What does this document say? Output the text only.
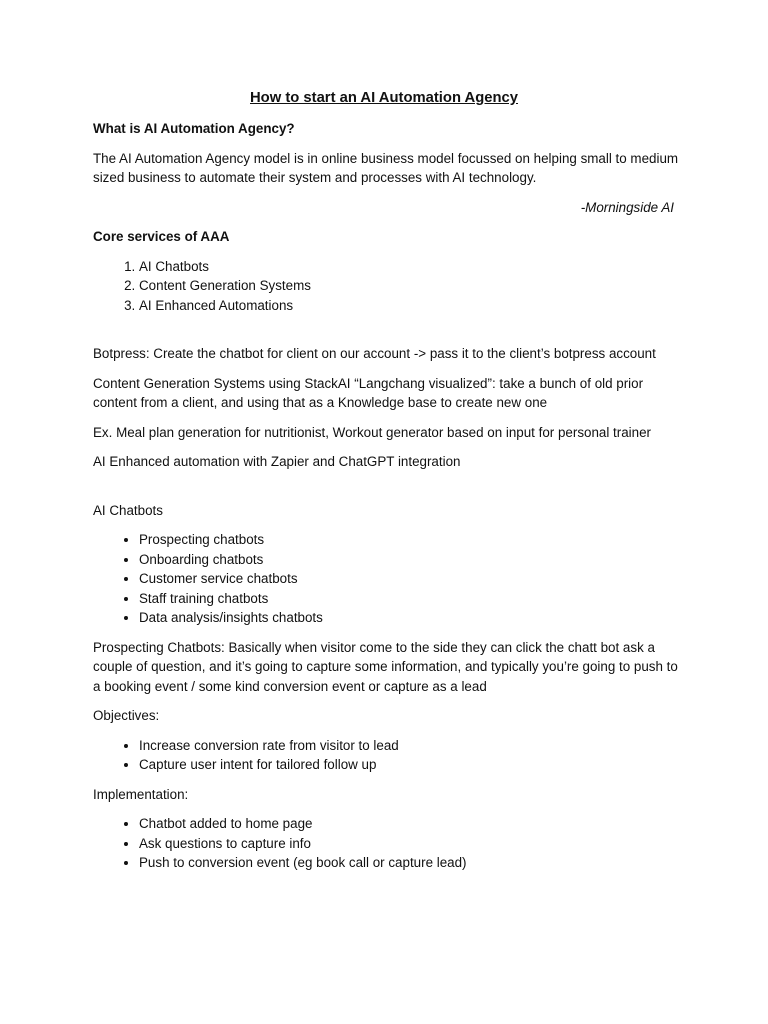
How to start an AI Automation Agency

What is AI Automation Agency?

The AI Automation Agency model is in online business model focussed on helping small to medium sized business to automate their system and processes with AI technology.

-Morningside AI

Core services of AAA

1. AI Chatbots
2. Content Generation Systems
3. AI Enhanced Automations

Botpress: Create the chatbot for client on our account -> pass it to the client’s botpress account

Content Generation Systems using StackAI “Langchang visualized”: take a bunch of old prior content from a client, and using that as a Knowledge base to create new one

Ex. Meal plan generation for nutritionist, Workout generator based on input for personal trainer

AI Enhanced automation with Zapier and ChatGPT integration

AI Chatbots

• Prospecting chatbots
• Onboarding chatbots
• Customer service chatbots
• Staff training chatbots
• Data analysis/insights chatbots

Prospecting Chatbots: Basically when visitor come to the side they can click the chatt bot ask a couple of question, and it’s going to capture some information, and typically you’re going to push to a booking event / some kind conversion event or capture as a lead

Objectives:

• Increase conversion rate from visitor to lead
• Capture user intent for tailored follow up

Implementation:

• Chatbot added to home page
• Ask questions to capture info
• Push to conversion event (eg book call or capture lead)
